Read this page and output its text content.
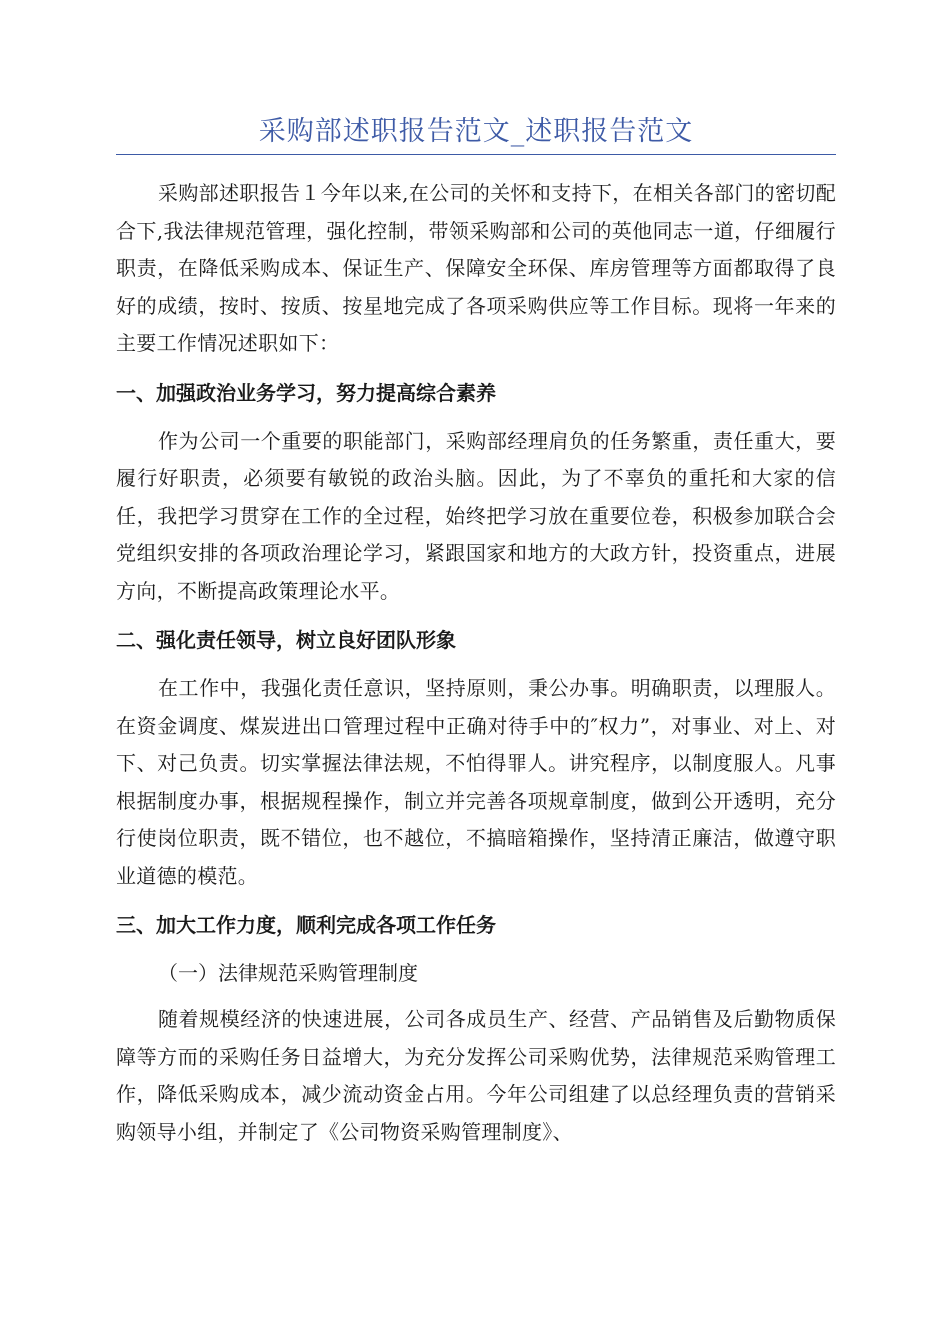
采购部述职报告范文_述职报告范文

采购部述职报告１今年以来,在公司的关怀和支持下，在相关各部门的密切配合下,我法律规范管理，强化控制，带领采购部和公司的英他同志一道，仔细履行职责，在降低采购成本、保证生产、保障安全环保、库房管理等方面都取得了良好的成绩，按时、按质、按星地完成了各项采购供应等工作目标。现将一年来的主要工作情况述职如下：

一、加强政治业务学习，努力提高综合素养

作为公司一个重要的职能部门，采购部经理肩负的任务繁重，责任重大，要履行好职责，必须要有敏锐的政治头脑。因此，为了不辜负的重托和大家的信任，我把学习贯穿在工作的全过程，始终把学习放在重要位卷，积极参加联合会党组织安排的各项政治理论学习，紧跟国家和地方的大政方针，投资重点，进展方向，不断提高政策理论水平。

二、强化责任领导，树立良好团队形象

在工作中，我强化责任意识，坚持原则，秉公办事。明确职责，以理服人。在资金调度、煤炭进出口管理过程中正确对待手中的″权力”，对事业、对上、对下、对己负责。切实掌握法律法规，不怕得罪人。讲究程序，以制度服人。凡事根据制度办事，根据规程操作，制立并完善各项规章制度，做到公开透明，充分行使岗位职责，既不错位，也不越位，不搞暗箱操作，坚持清正廉洁，做遵守职业道德的模范。

三、加大工作力度，顺利完成各项工作任务
（一）法律规范采购管理制度

随着规模经济的快速进展，公司各成员生产、经营、产品销售及后勤物质保障等方而的采购任务日益增大，为充分发挥公司采购优势，法律规范采购管理工作，降低采购成本，减少流动资金占用。今年公司组建了以总经理负责的营销采购领导小组，并制定了《公司物资采购管理制度》、
